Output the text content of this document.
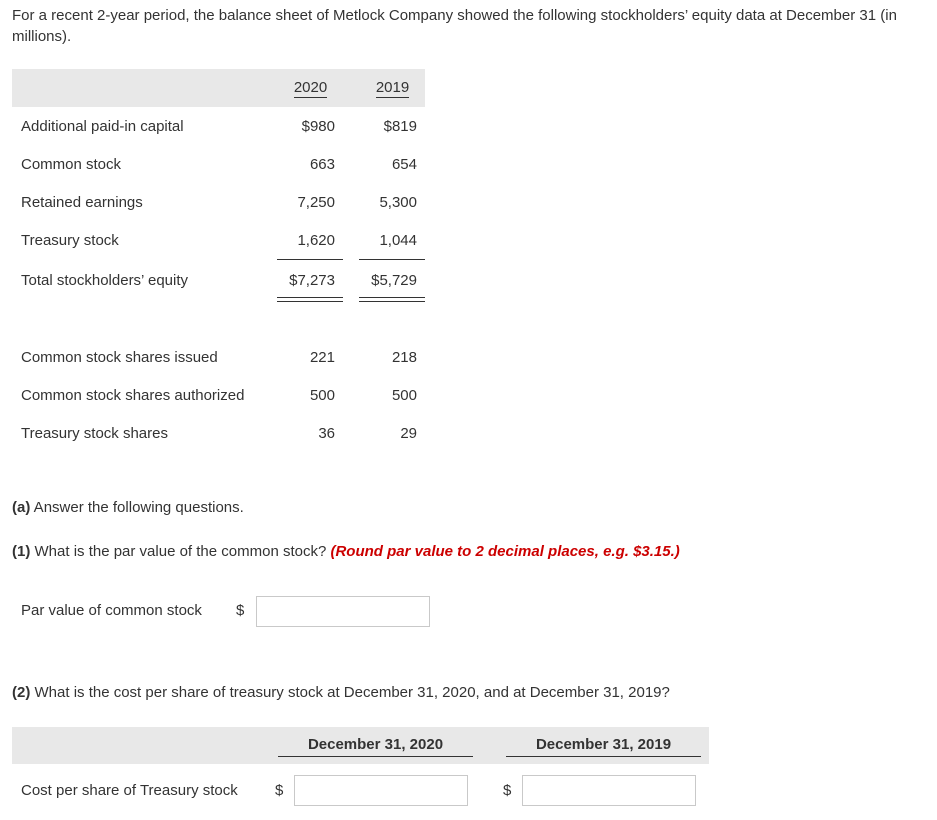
For a recent 2-year period, the balance sheet of Metlock Company showed the following stockholders’ equity data at December 31 (in millions).
2020	2019
Additional paid-in capital	$980	$819
Common stock	663	654
Retained earnings	7,250	5,300
Treasury stock	1,620	1,044
Total stockholders’ equity	$7,273	$5,729
Common stock shares issued	221	218
Common stock shares authorized	500	500
Treasury stock shares	36	29
(a) Answer the following questions.
(1) What is the par value of the common stock? (Round par value to 2 decimal places, e.g. $3.15.)
Par value of common stock $
(2) What is the cost per share of treasury stock at December 31, 2020, and at December 31, 2019?
December 31, 2020	December 31, 2019
Cost per share of Treasury stock $	$
